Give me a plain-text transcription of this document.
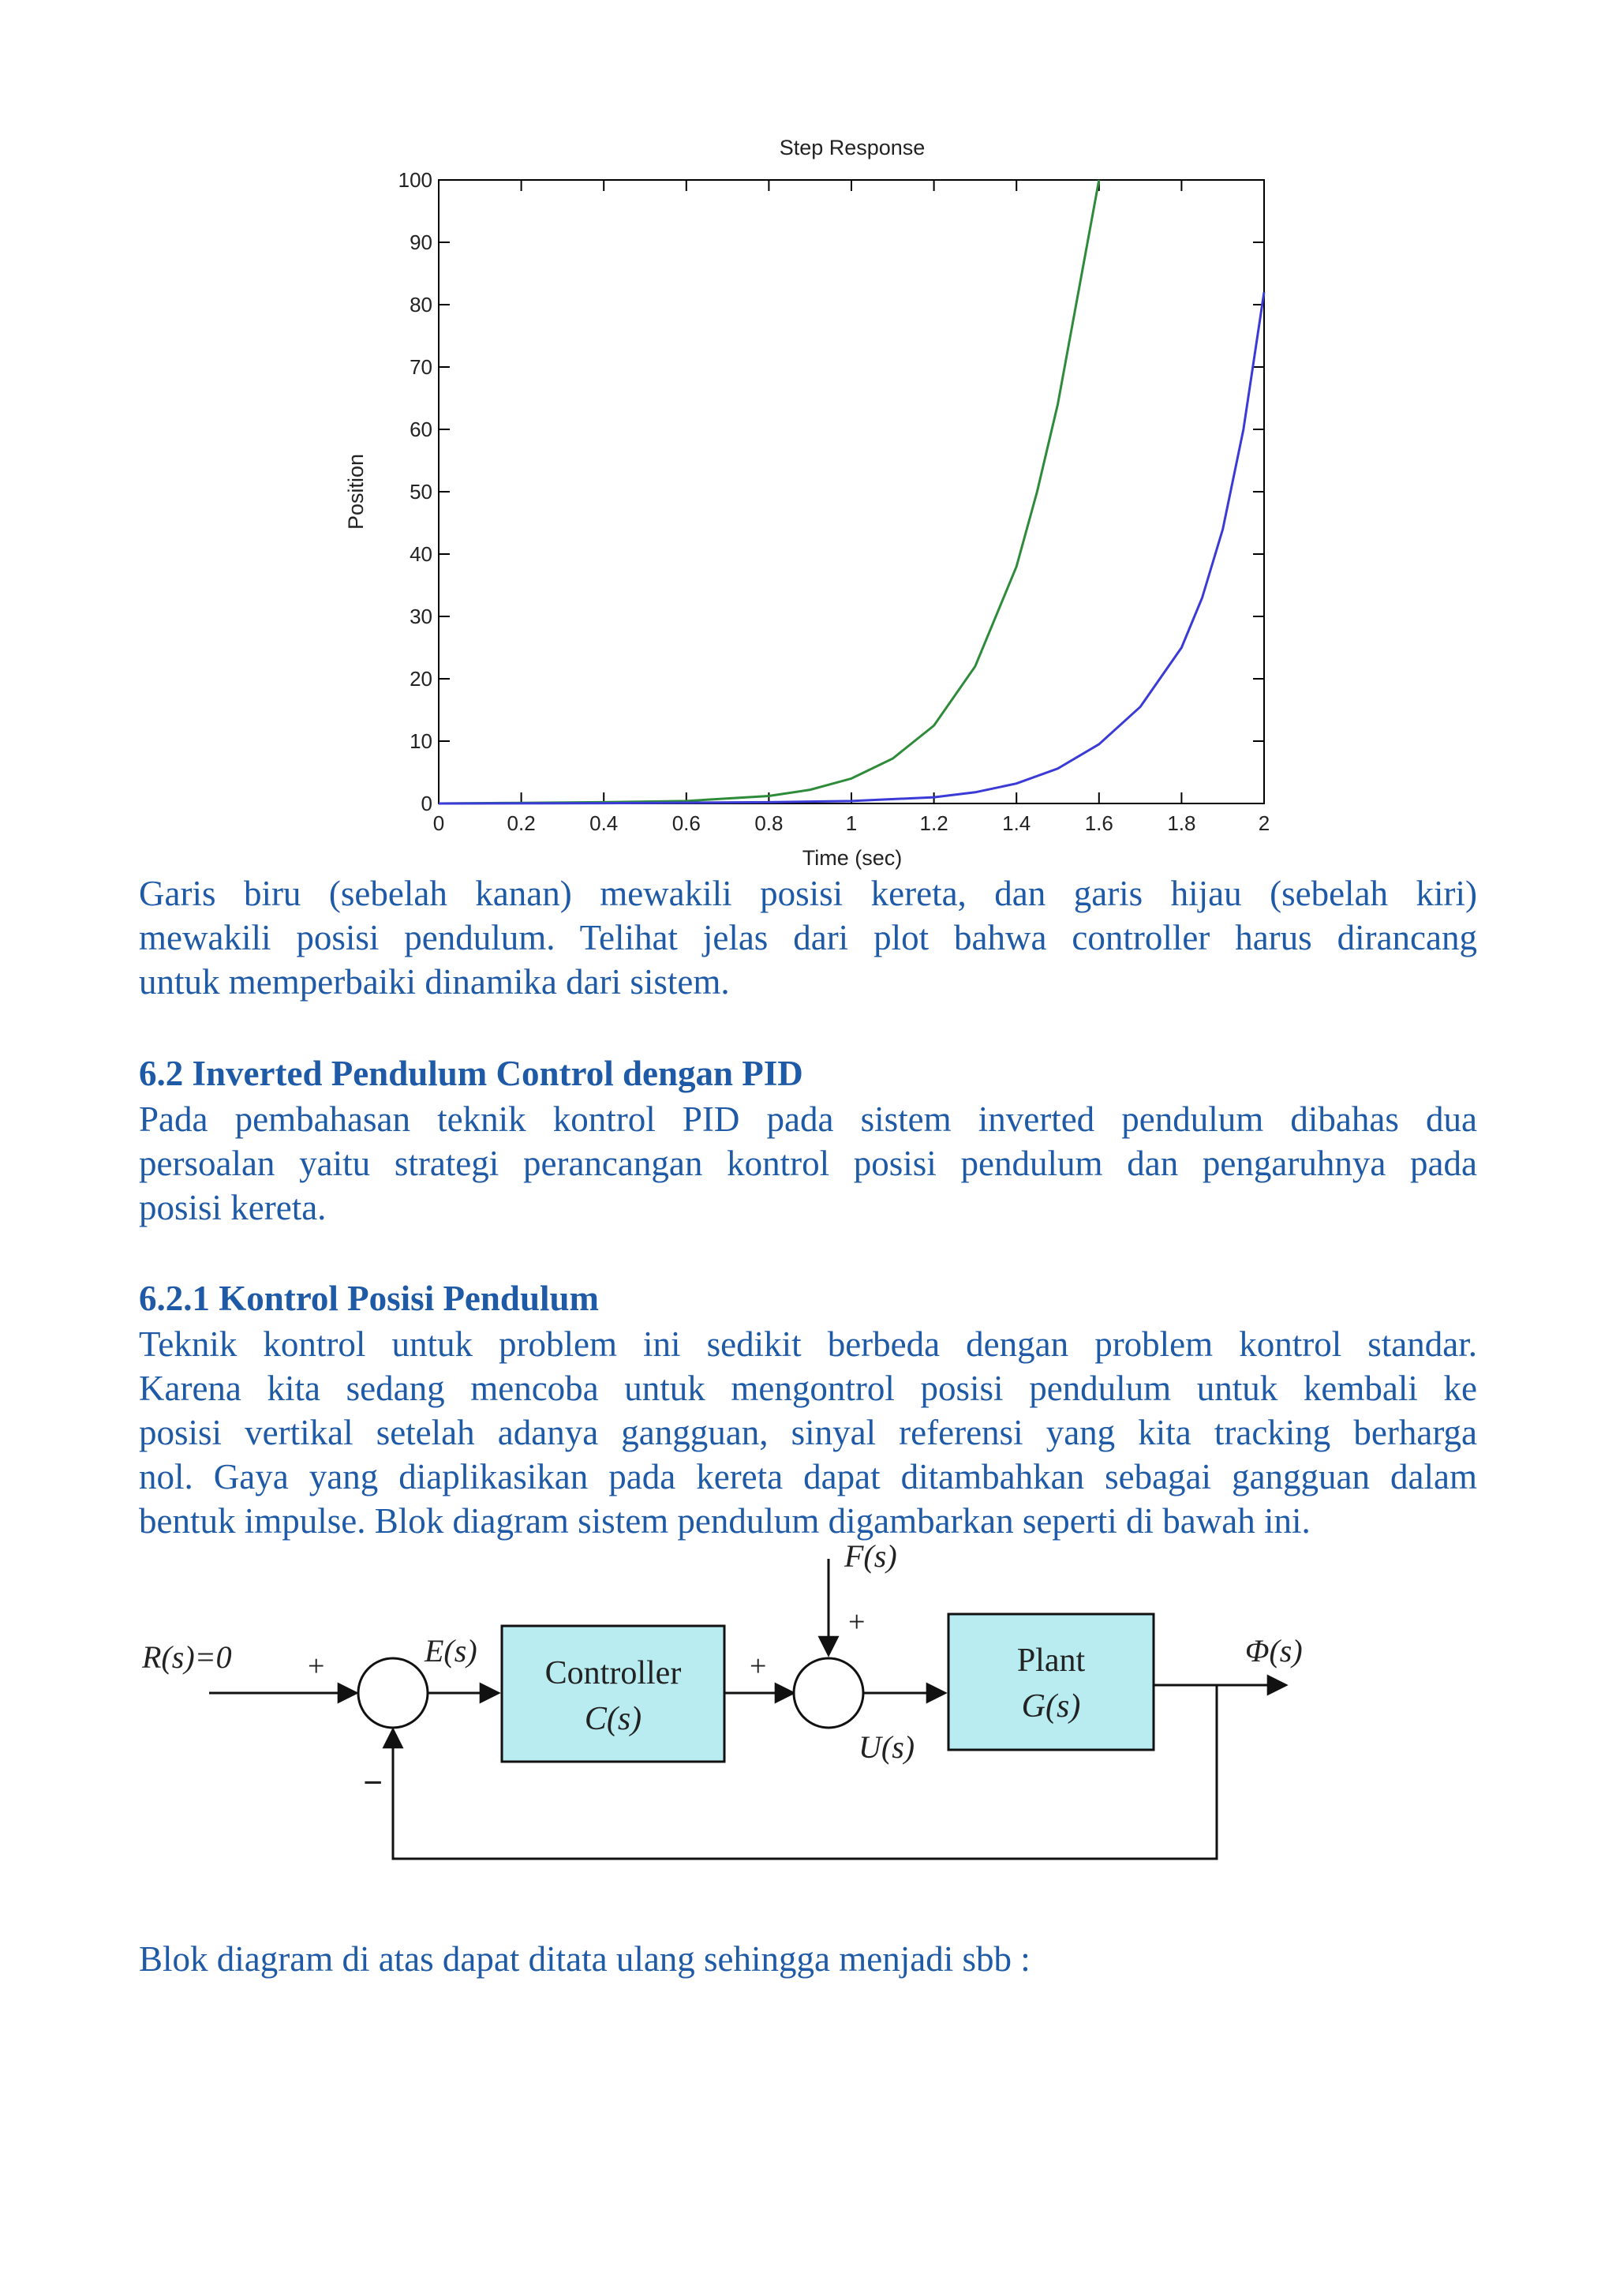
Step Response
0	0.2	0.4	0.6	0.8	1	1.2	1.4	1.6	1.8	2
0
10
20
30
40
50
60
70
80
90
100
Time (sec)
Position
Garis biru (sebelah kanan) mewakili posisi kereta, dan garis hijau (sebelah kiri)
mewakili posisi pendulum. Telihat jelas dari plot bahwa controller harus dirancang
untuk memperbaiki dinamika dari sistem.

6.2 Inverted Pendulum Control dengan PID

Pada pembahasan teknik kontrol PID pada sistem inverted pendulum dibahas dua
persoalan yaitu strategi perancangan kontrol posisi pendulum dan pengaruhnya pada
posisi kereta.

6.2.1 Kontrol Posisi Pendulum

Teknik kontrol untuk problem ini sedikit berbeda dengan problem kontrol standar.
Karena kita sedang mencoba untuk mengontrol posisi pendulum untuk kembali ke
posisi vertikal setelah adanya gangguan, sinyal referensi yang kita tracking berharga
nol. Gaya yang diaplikasikan pada kereta dapat ditambahkan sebagai gangguan dalam
bentuk impulse. Blok diagram sistem pendulum digambarkan seperti di bawah ini.
R(s)=0	+
−
E(s)
Controller
C(s)
+
F(s)
+
U(s)
Plant
G(s)
Φ(s)

Blok diagram di atas dapat ditata ulang sehingga menjadi sbb :
